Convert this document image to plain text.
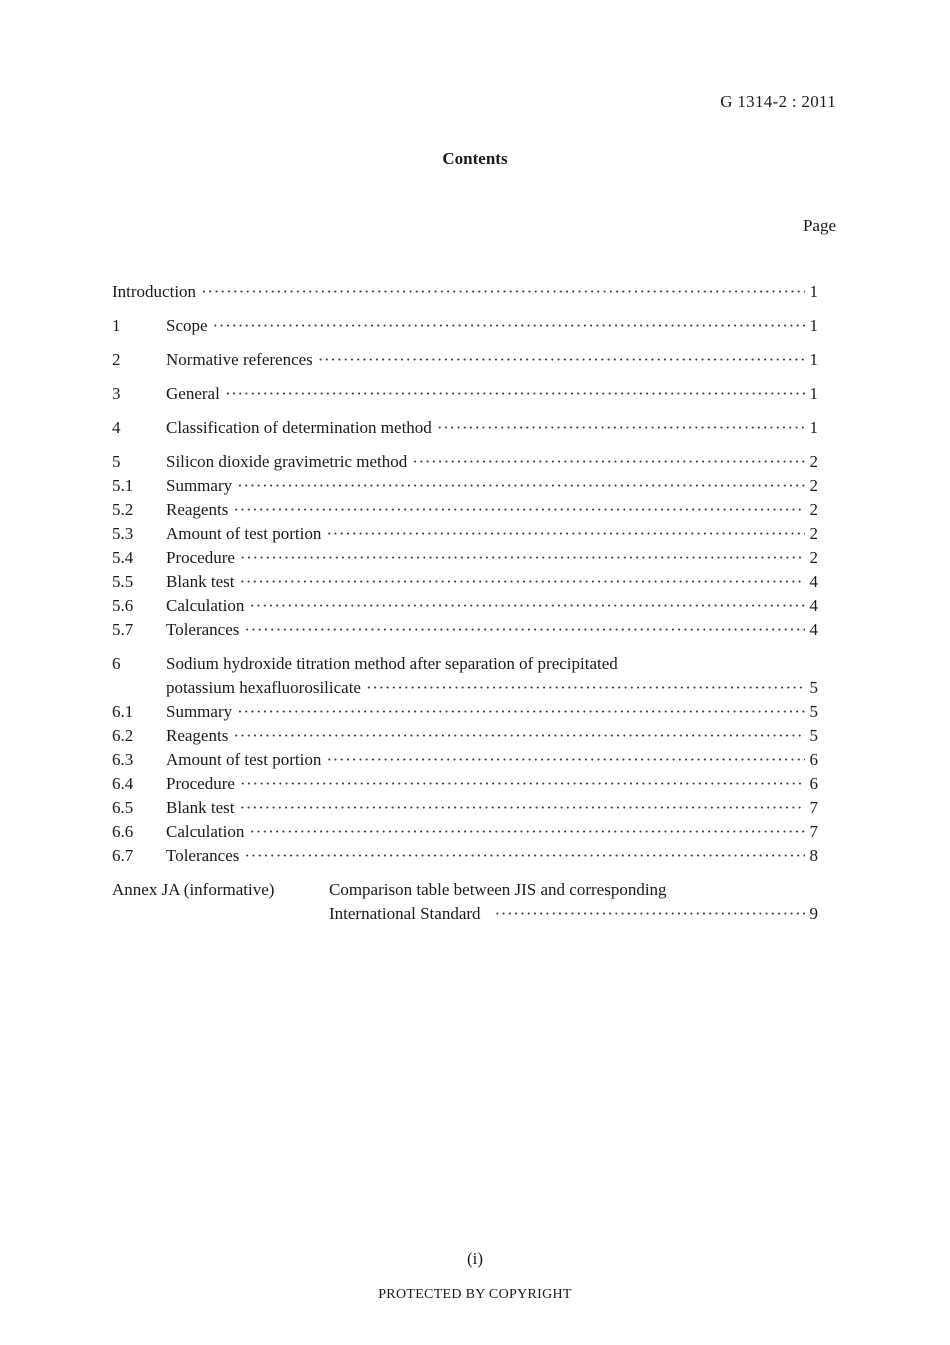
G 1314-2 : 2011
Contents
Page
Introduction ·····	1
1	Scope ·····	1
2	Normative references ·····	1
3	General ·····	1
4	Classification of determination method ·····	1
5	Silicon dioxide gravimetric method ·····	2
5.1 Summary ·····	2
5.2 Reagents ·····	2
5.3 Amount of test portion ·····	2
5.4 Procedure ·····	2
5.5 Blank test ·····	4
5.6 Calculation ·····	4
5.7 Tolerances ·····	4
6	Sodium hydroxide titration method after separation of precipitated
potassium hexafluorosilicate ·····	5
6.1 Summary ·····	5
6.2 Reagents ·····	5
6.3 Amount of test portion ·····	6
6.4 Procedure ·····	6
6.5 Blank test ·····	7
6.6 Calculation ·····	7
6.7 Tolerances ·····	8
Annex JA (informative)	Comparison table between JIS and corresponding
International Standard ·····	9
(i)
PROTECTED BY COPYRIGHT
